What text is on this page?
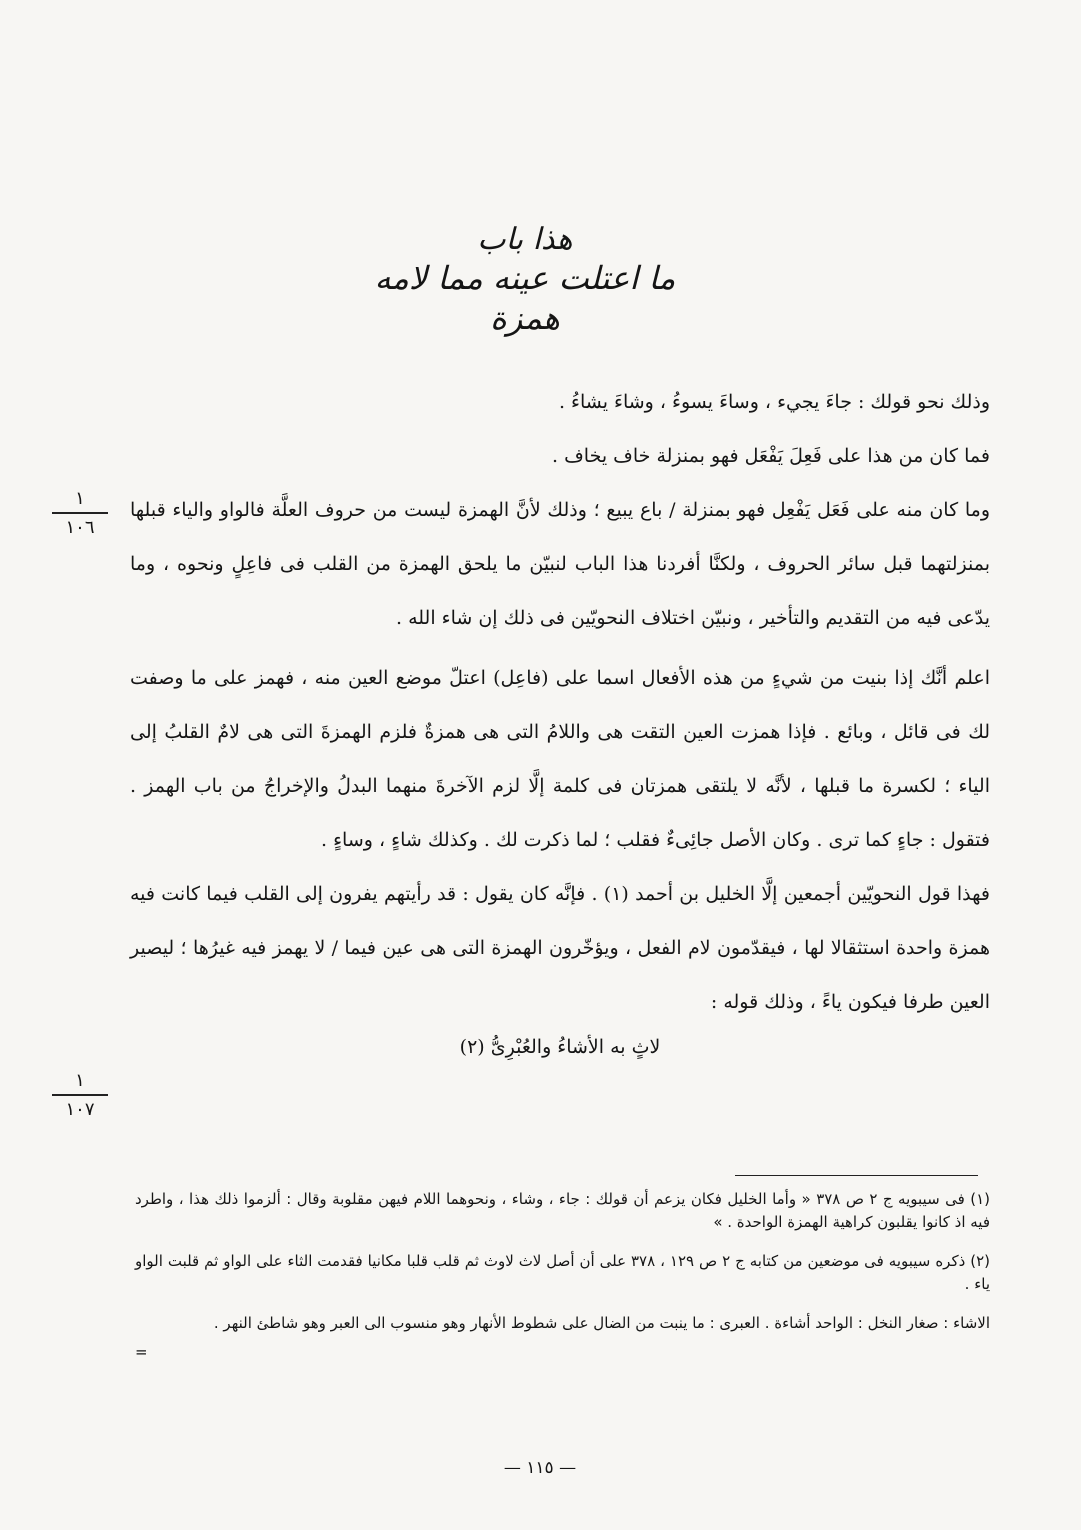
هذا باب
ما اعتلت عينه مما لامه همزة

وذلك نحو قولك : جاءَ يجيء ، وساءَ يسوءُ ، وشاءَ يشاءُ .

فما كان من هذا على فَعِلَ يَفْعَل فهو بمنزلة خاف يخاف .

وما كان منه على فَعَل يَفْعِل فهو بمنزلة / باع يبيع ؛ وذلك لأنَّ الهمزة ليست من حروف العلَّة فالواو والياء قبلها بمنزلتهما قبل سائر الحروف ، ولكنَّا أفردنا هذا الباب لنبيّن ما يلحق الهمزة من القلب فى فاعِلٍ ونحوه ، وما يدّعى فيه من التقديم والتأخير ، ونبيّن اختلاف النحويّين فى ذلك إن شاء الله .

اعلم أنَّك إذا بنيت من شيءٍ من هذه الأفعال اسما على (فاعِل) اعتلّ موضع العين منه ، فهمز على ما وصفت لك فى قائل ، وبائع . فإذا همزت العين التقت هى واللامُ التى هى همزةٌ فلزم الهمزةَ التى هى لامٌ القلبُ إلى الياء ؛ لكسرة ما قبلها ، لأنَّه لا يلتقى همزتان فى كلمة إلَّا لزم الآخرةَ منهما البدلُ والإخراجُ من باب الهمز . فتقول : جاءٍ كما ترى . وكان الأصل جائِىءٌ فقلب ؛ لما ذكرت لك . وكذلك شاءٍ ، وساءٍ .

فهذا قول النحويّين أجمعين إلَّا الخليل بن أحمد (١) . فإنَّه كان يقول : قد رأيتهم يفرون إلى القلب فيما كانت فيه همزة واحدة استثقالا لها ، فيقدّمون لام الفعل ، ويؤخّرون الهمزة التى هى عين فيما / لا يهمز فيه غيرُها ؛ ليصير العين طرفا فيكون ياءً ، وذلك قوله :

لاثٍ به الأشاءُ والعُبْرِىُّ (٢)

١
١٠٦
١
١٠٧

(١) فى سيبويه ج ٢ ص ٣٧٨ « وأما الخليل فكان يزعم أن قولك : جاء ، وشاء ، ونحوهما اللام فيهن مقلوبة وقال : ألزموا ذلك هذا ، واطرد فيه اذ كانوا يقلبون كراهية الهمزة الواحدة . »

(٢) ذكره سيبويه فى موضعين من كتابه ج ٢ ص ١٢٩ ، ٣٧٨ على أن أصل لاث لاوث ثم قلب قلبا مكانيا فقدمت الثاء على الواو ثم قلبت الواو ياء .

الاشاء : صغار النخل : الواحد أشاءة . العبرى : ما ينبت من الضال على شطوط الأنهار وهو منسوب الى العبر وهو شاطئ النهر .

=
— ١١٥ —
